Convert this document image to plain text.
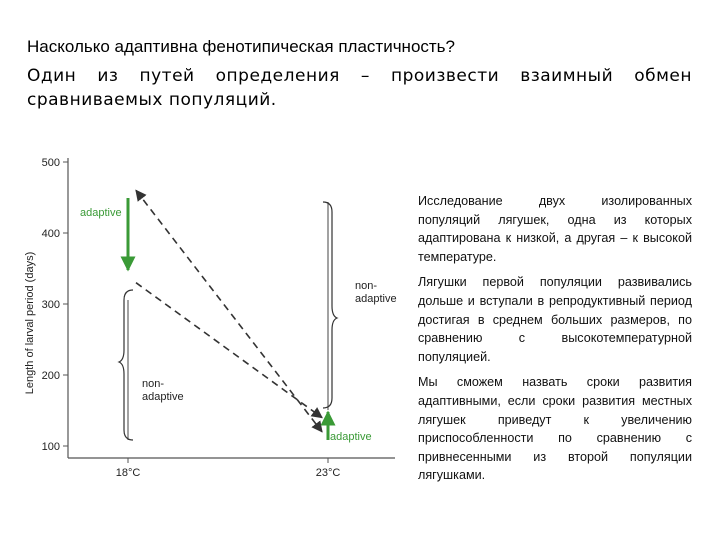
Насколько адаптивна фенотипическая пластичность?
Один из путей определения – произвести взаимный обмен сравниваемых популяций.
100
200
300
400
500
18°C	23°C
adaptive
adaptive
non-adaptive
non-adaptive
Length of larval period (days)

Исследование двух изолированных популяций лягушек, одна из которых адаптирована к низкой, а другая – к высокой температуре.

Лягушки первой популяции развивались дольше и вступали в репродуктивный период достигая в среднем больших размеров, по сравнению с высокотемпературной популяцией.

Мы сможем назвать сроки развития адаптивными, если сроки развития местных лягушек приведут к увеличению приспособленности по сравнению с привнесенными из второй популяции лягушками.
